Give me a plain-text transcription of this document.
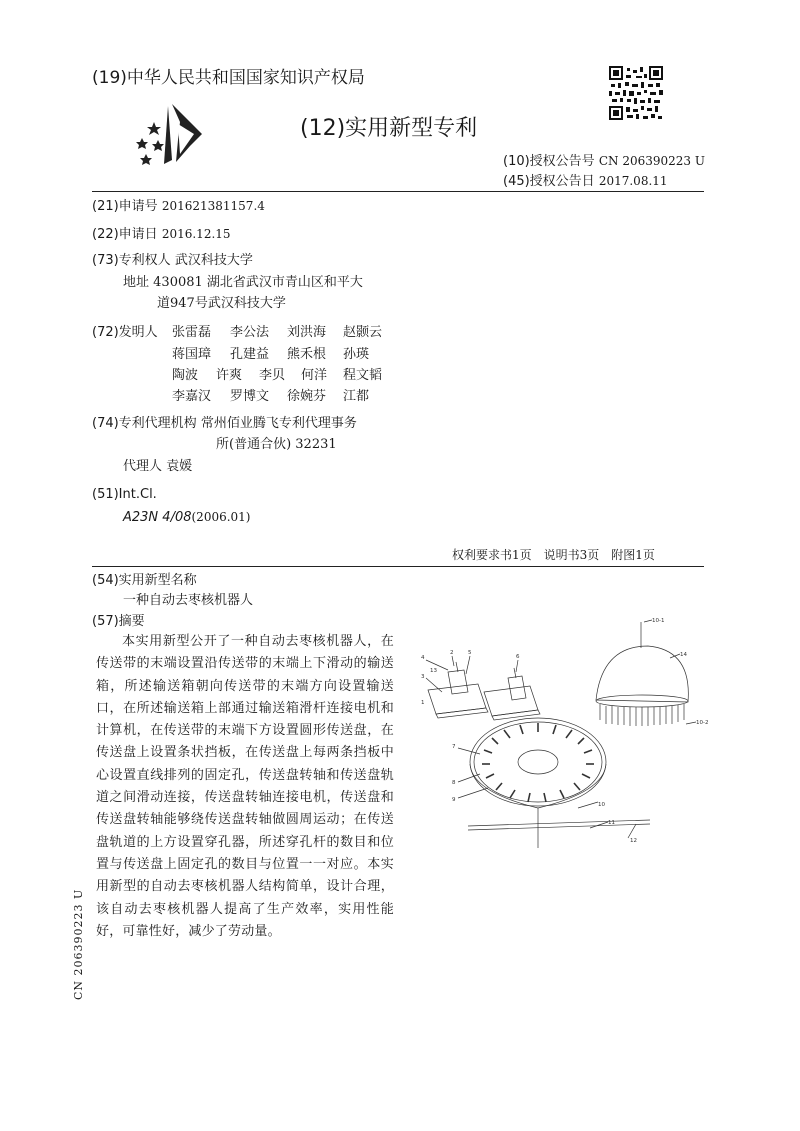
(19)中华人民共和国国家知识产权局
(12)实用新型专利
(10)授权公告号 CN 206390223 U
(45)授权公告日 2017.08.11
(21)申请号 201621381157.4
(22)申请日 2016.12.15
(73)专利权人 武汉科技大学
地址 430081 湖北省武汉市青山区和平大
道947号武汉科技大学
(72)发明人 张雷磊 李公法 刘洪海 赵颢云
蒋国璋 孔建益 熊禾根 孙瑛
陶波 许爽 李贝 何洋 程文韬
李嘉汉 罗博文 徐婉芬 江都
(74)专利代理机构 常州佰业腾飞专利代理事务
所(普通合伙) 32231
代理人 袁媛
(51)Int.Cl.
A23N 4/08(2006.01)
权利要求书1页　说明书3页　附图1页
(54)实用新型名称
一种自动去枣核机器人
(57)摘要
本实用新型公开了一种自动去枣核机器人，在传送带的末端设置沿传送带的末端上下滑动的输送箱，所述输送箱朝向传送带的末端方向设置输送口，在所述输送箱上部通过输送箱滑杆连接电机和计算机，在传送带的末端下方设置圆形传送盘，在传送盘上设置条状挡板，在传送盘上每两条挡板中心设置直线排列的固定孔，传送盘转轴和传送盘轨道之间滑动连接，传送盘转轴连接电机，传送盘和传送盘转轴能够绕传送盘转轴做圆周运动；在传送盘轨道的上方设置穿孔器，所述穿孔杆的数目和位置与传送盘上固定孔的数目与位置一一对应。本实用新型的自动去枣核机器人结构简单，设计合理，该自动去枣核机器人提高了生产效率，实用性能好，可靠性好，减少了劳动量。
4
3
1
2	5
6
7
8
9
10
11
12
10-1
14
10-2
13
CN 206390223 U
